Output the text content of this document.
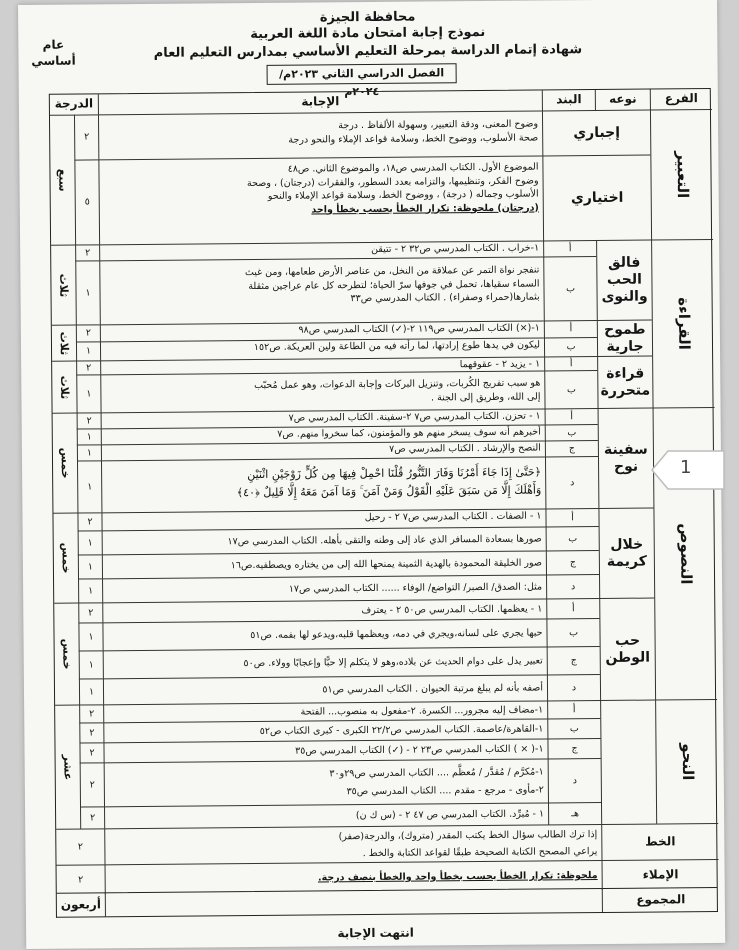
محافظة الجيزة
نموذج إجابة امتحان مادة اللغة العربية
شهادة إتمام الدراسة بمرحلة التعليم الأساسي بمدارس التعليم العام
الفصل الدراسي الثاني ٢٠٢٣م/٢٠٢٤م
عام
أساسي
الفرع
نوعه
البند
الإجابة
الدرجة
التعبير
إجباري
وضوح المعنى، ودقة التعبير، وسهولة الألفاظ . درجة
صحة الأسلوب، ووضوح الخط، وسلامة قواعد الإملاء والنحو درجة
٢
اختياري
الموضوع الأول. الكتاب المدرسي ص١٨، والموضوع الثاني. ص٤٨
وضوح الفكر، وتنظيمها، والتزامه بعدد السطور، والفقرات (درجتان) ، وصحة
الأسلوب وجماله ( درجة) ، ووضوح الخط، وسلامة قواعد الإملاء والنحو
(درجتان) ملحوظة: تكرار الخطأ يحسب بخطأ واحد
٥
سبع
القراءة
فالق الحب والنوى
أ
١-خراب . الكتاب المدرسي ص٣٢ ٢ - تتيقن
٢
ب
تنفجر نواة التمر عن عملاقة من النخل، من عناصر الأرض طعامها، ومن غيث
السماء سقياها، تحمل في جوفها سرّ الحياة؛ لتطرحه كل عام عراجين مثقلة
بثمارها(حمراء وصفراء) . الكتاب المدرسي ص٣٣
١
ثلاث
طموح جارية
أ
١-(×) الكتاب المدرسي ص١١٩ ٢-(✓) الكتاب المدرسي ص٩٨
٢
ب
ليكون في يدها طوع إرادتها، لما رأته فيه من الطاعة ولين العريكة. ص١٥٢
١
ثلاث
قراءة متحررة
أ
١ - يزيد ٢ - عقوقهما
٢
ب
هو سبب تفريج الكُربات، وتنزيل البركات وإجابة الدعوات، وهو عمل مُحبّب
إلى الله، وطريق إلى الجنة .
١
ثلاث
النصوص
سفينة نوح
أ
١ - تحزن. الكتاب المدرسي ص٧ ٢-سفينة. الكتاب المدرسي ص٧
٢
ب
أخبرهم أنه سوف يسخر منهم هو والمؤمنون، كما سخروا منهم. ص٧
١
ج
النصح والإرشاد . الكتاب المدرسي ص٧
١
د
﴿حَتَّىٰ إِذَا جَاءَ أَمْرُنَا وَفَارَ التَّنُّورُ قُلْنَا احْمِلْ فِيهَا مِن كُلٍّ زَوْجَيْنِ اثْنَيْنِ
وَأَهْلَكَ إِلَّا مَن سَبَقَ عَلَيْهِ الْقَوْلُ وَمَنْ آمَنَ ۚ وَمَا آمَنَ مَعَهُ إِلَّا قَلِيلٌ ﴿٤٠﴾
١
خمس
خلال كريمة
أ
١ - الصفات . الكتاب المدرسي ص٧ ٢ - رحيل
٢
ب
صورها بسعادة المسافر الذي عاد إلى وطنه والتقى بأهله. الكتاب المدرسي ص١٧
١
ج
صور الخليقة المحمودة بالهدية الثمينة يمنحها الله إلى من يختاره ويصطفيه.ص١٦
١
د
مثل: الصدق/ الصبر/ التواضع/ الوفاء ...... الكتاب المدرسي ص١٧
١
خمس
حب الوطن
أ
١ - يعظمها. الكتاب المدرسي ص٥٠ ٢ - يعترف
٢
ب
حبها يجري على لسانه،ويجري في دمه، ويعظمها قلبه،ويدعو لها بفمه. ص٥١
١
ج
تعبير يدل على دوام الحديث عن بلاده،وهو لا يتكلم إلا حبًّا وإعجابًا وولاء. ص٥٠
١
د
أصفه بأنه لم يبلغ مرتبة الحيوان . الكتاب المدرسي ص٥١
١
خمس
النحو
أ
١-مضاف إليه مجرور... الكسرة. ٢-مفعول به منصوب... الفتحة
٢
ب
١-القاهرة/عاصمة. الكتاب المدرسي ص٢٢/٢ الكبرى - كبرى الكتاب ص٥٢
٢
ج
١-( × ) الكتاب المدرسي ص٢٣ ٢ - (✓) الكتاب المدرسي ص٣٥
٢
د
١-مُكرَّم / مُقدَّر / مُعظَّم .... الكتاب المدرسي ص٢٩و٣٠
٢-مأوى - مرجع - مقدم .... الكتاب المدرسي ص٣٥
٢
هـ
١ - مُبرِّد. الكتاب المدرسي ص ٤٧ ٢ - (س ك ن)
٢
عشر
الخط
إذا ترك الطالب سؤال الخط يكتب المقدر (متروك)، والدرجة(صفر)
يراعي المصحح الكتابة الصحيحة طبقًا لقواعد الكتابة والخط .
٢
الإملاء
ملحوظة: تكرار الخطأ يحسب بخطأ واحد والخطأ بنصف درجة.
٢
المجموع
أربعون
انتهت الإجابة
1
